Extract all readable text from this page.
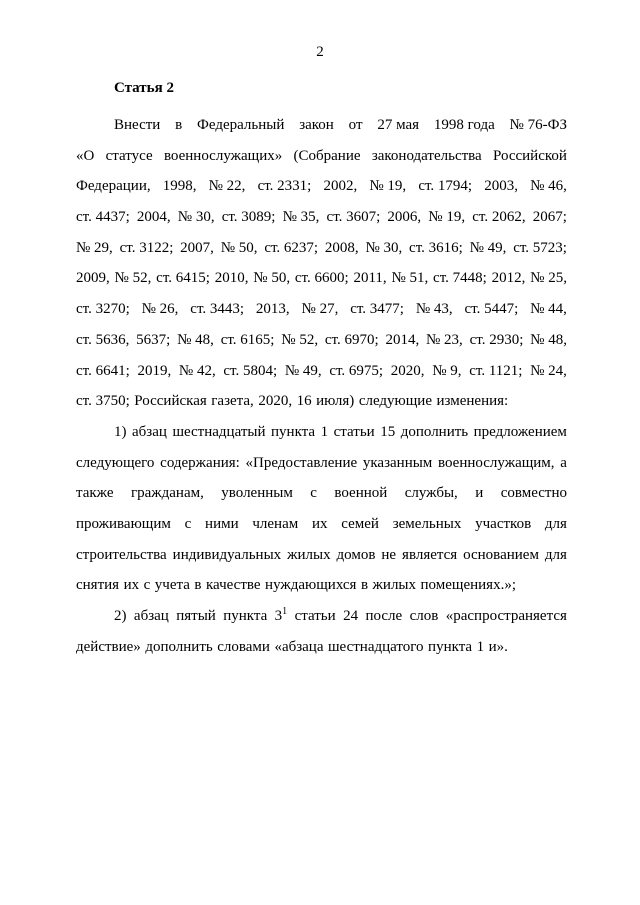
2
Статья 2
Внести в Федеральный закон от 27 мая 1998 года № 76-ФЗ
«О статусе военнослужащих» (Собрание законодательства Российской
Федерации, 1998, № 22, ст. 2331; 2002, № 19, ст. 1794; 2003, № 46,
ст. 4437; 2004, № 30, ст. 3089; № 35, ст. 3607; 2006, № 19, ст. 2062, 2067;
№ 29, ст. 3122; 2007, № 50, ст. 6237; 2008, № 30, ст. 3616; № 49, ст. 5723;
2009, № 52, ст. 6415; 2010, № 50, ст. 6600; 2011, № 51, ст. 7448; 2012, № 25,
ст. 3270; № 26, ст. 3443; 2013, № 27, ст. 3477; № 43, ст. 5447; № 44,
ст. 5636, 5637; № 48, ст. 6165; № 52, ст. 6970; 2014, № 23, ст. 2930; № 48,
ст. 6641; 2019, № 42, ст. 5804; № 49, ст. 6975; 2020, № 9, ст. 1121; № 24,
ст. 3750; Российская газета, 2020, 16 июля) следующие изменения:
1) абзац шестнадцатый пункта 1 статьи 15 дополнить предложением
следующего содержания: «Предоставление указанным военнослужащим, а
также гражданам, уволенным с военной службы, и совместно
проживающим с ними членам их семей земельных участков для
строительства индивидуальных жилых домов не является основанием для
снятия их с учета в качестве нуждающихся в жилых помещениях.»;
2) абзац пятый пункта $3^1$ статьи 24 после слов «распространяется
действие» дополнить словами «абзаца шестнадцатого пункта 1 и».
